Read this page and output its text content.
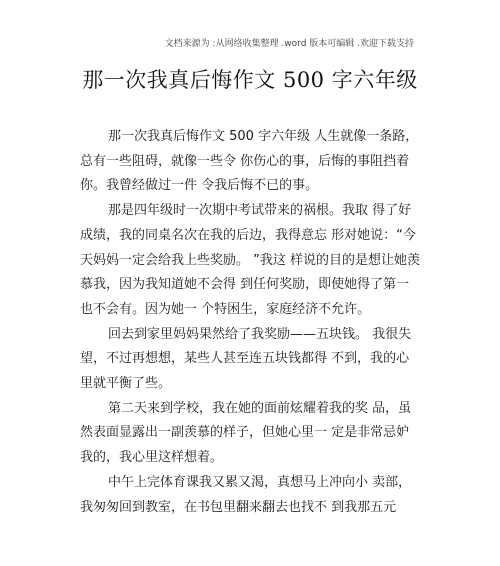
文档来源为 :从网络收集整理 .word 版本可编辑 .欢迎下载支持
那一次我真后悔作文 500 字六年级

那一次我真后悔作文 500 字六年级 人生就像一条路，总有一些阻碍，就像一些令 你伤心的事，后悔的事阻挡着你。我曾经做过一件 令我后悔不已的事。

那是四年级时一次期中考试带来的祸根。我取 得了好成绩，我的同桌名次在我的后边，我得意忘 形对她说：“今天妈妈一定会给我上些奖励。 ”我这 样说的目的是想让她羡慕我，因为我知道她不会得 到任何奖励，即使她得了第一也不会有。因为她一 个特困生，家庭经济不允许。

回去到家里妈妈果然给了我奖励——五块钱。 我很失望，不过再想想，某些人甚至连五块钱都得 不到，我的心里就平衡了些。

第二天来到学校，我在她的面前炫耀着我的奖 品，虽然表面显露出一副羡慕的样子，但她心里一 定是非常忌妒我的，我心里这样想着。

中午上完体育课我又累又渴，真想马上冲向小 卖部，我匆匆回到教室，在书包里翻来翻去也找不 到我那五元
